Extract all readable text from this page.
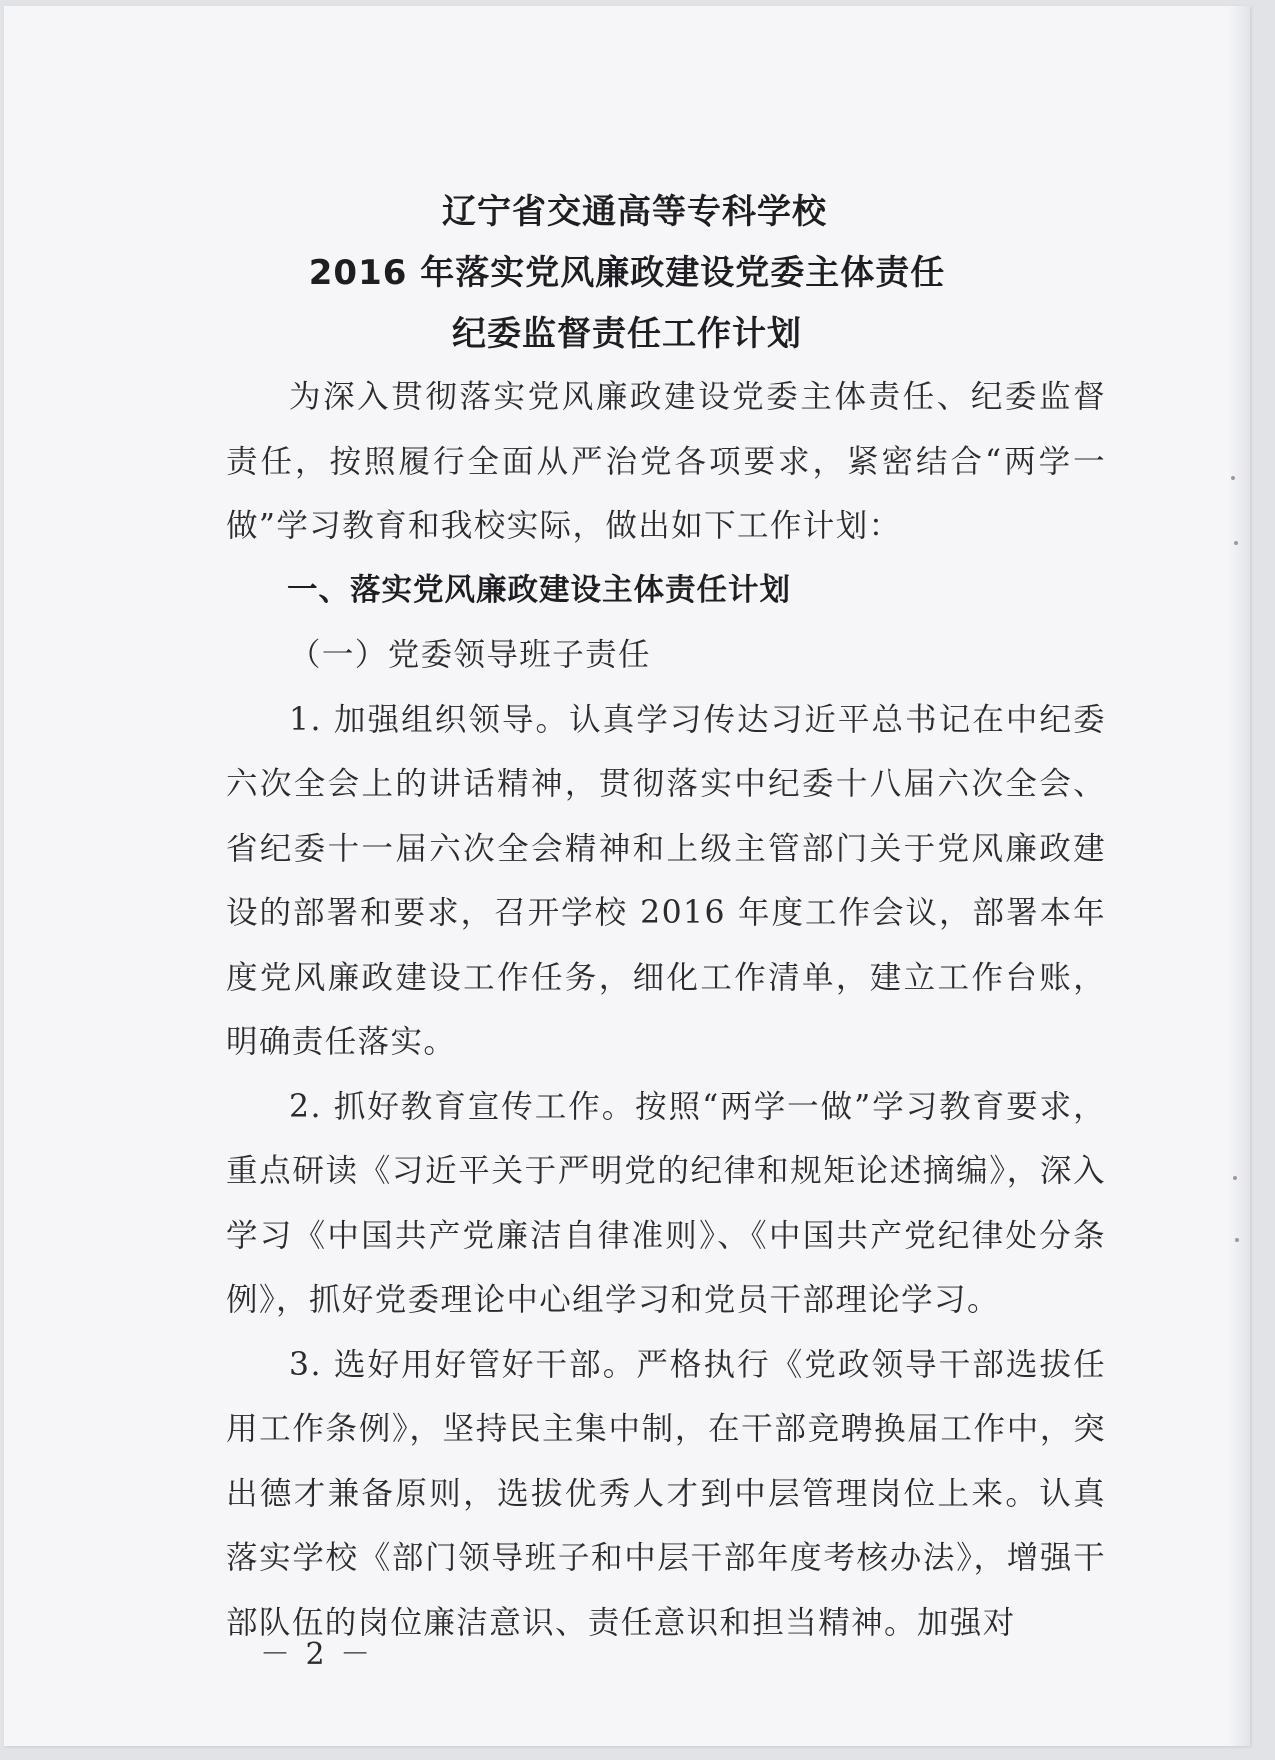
辽宁省交通高等专科学校
2016 年落实党风廉政建设党委主体责任
纪委监督责任工作计划

为深入贯彻落实党风廉政建设党委主体责任、纪委监督责任，按照履行全面从严治党各项要求，紧密结合“两学一做”学习教育和我校实际，做出如下工作计划：

一、落实党风廉政建设主体责任计划

（一）党委领导班子责任

1. 加强组织领导。认真学习传达习近平总书记在中纪委六次全会上的讲话精神，贯彻落实中纪委十八届六次全会、省纪委十一届六次全会精神和上级主管部门关于党风廉政建设的部署和要求，召开学校 2016 年度工作会议，部署本年度党风廉政建设工作任务，细化工作清单，建立工作台账，明确责任落实。

2. 抓好教育宣传工作。按照“两学一做”学习教育要求，重点研读《习近平关于严明党的纪律和规矩论述摘编》，深入学习《中国共产党廉洁自律准则》、《中国共产党纪律处分条例》，抓好党委理论中心组学习和党员干部理论学习。

3. 选好用好管好干部。严格执行《党政领导干部选拔任用工作条例》，坚持民主集中制，在干部竞聘换届工作中，突出德才兼备原则，选拔优秀人才到中层管理岗位上来。认真落实学校《部门领导班子和中层干部年度考核办法》，增强干部队伍的岗位廉洁意识、责任意识和担当精神。加强对

－ 2 －
